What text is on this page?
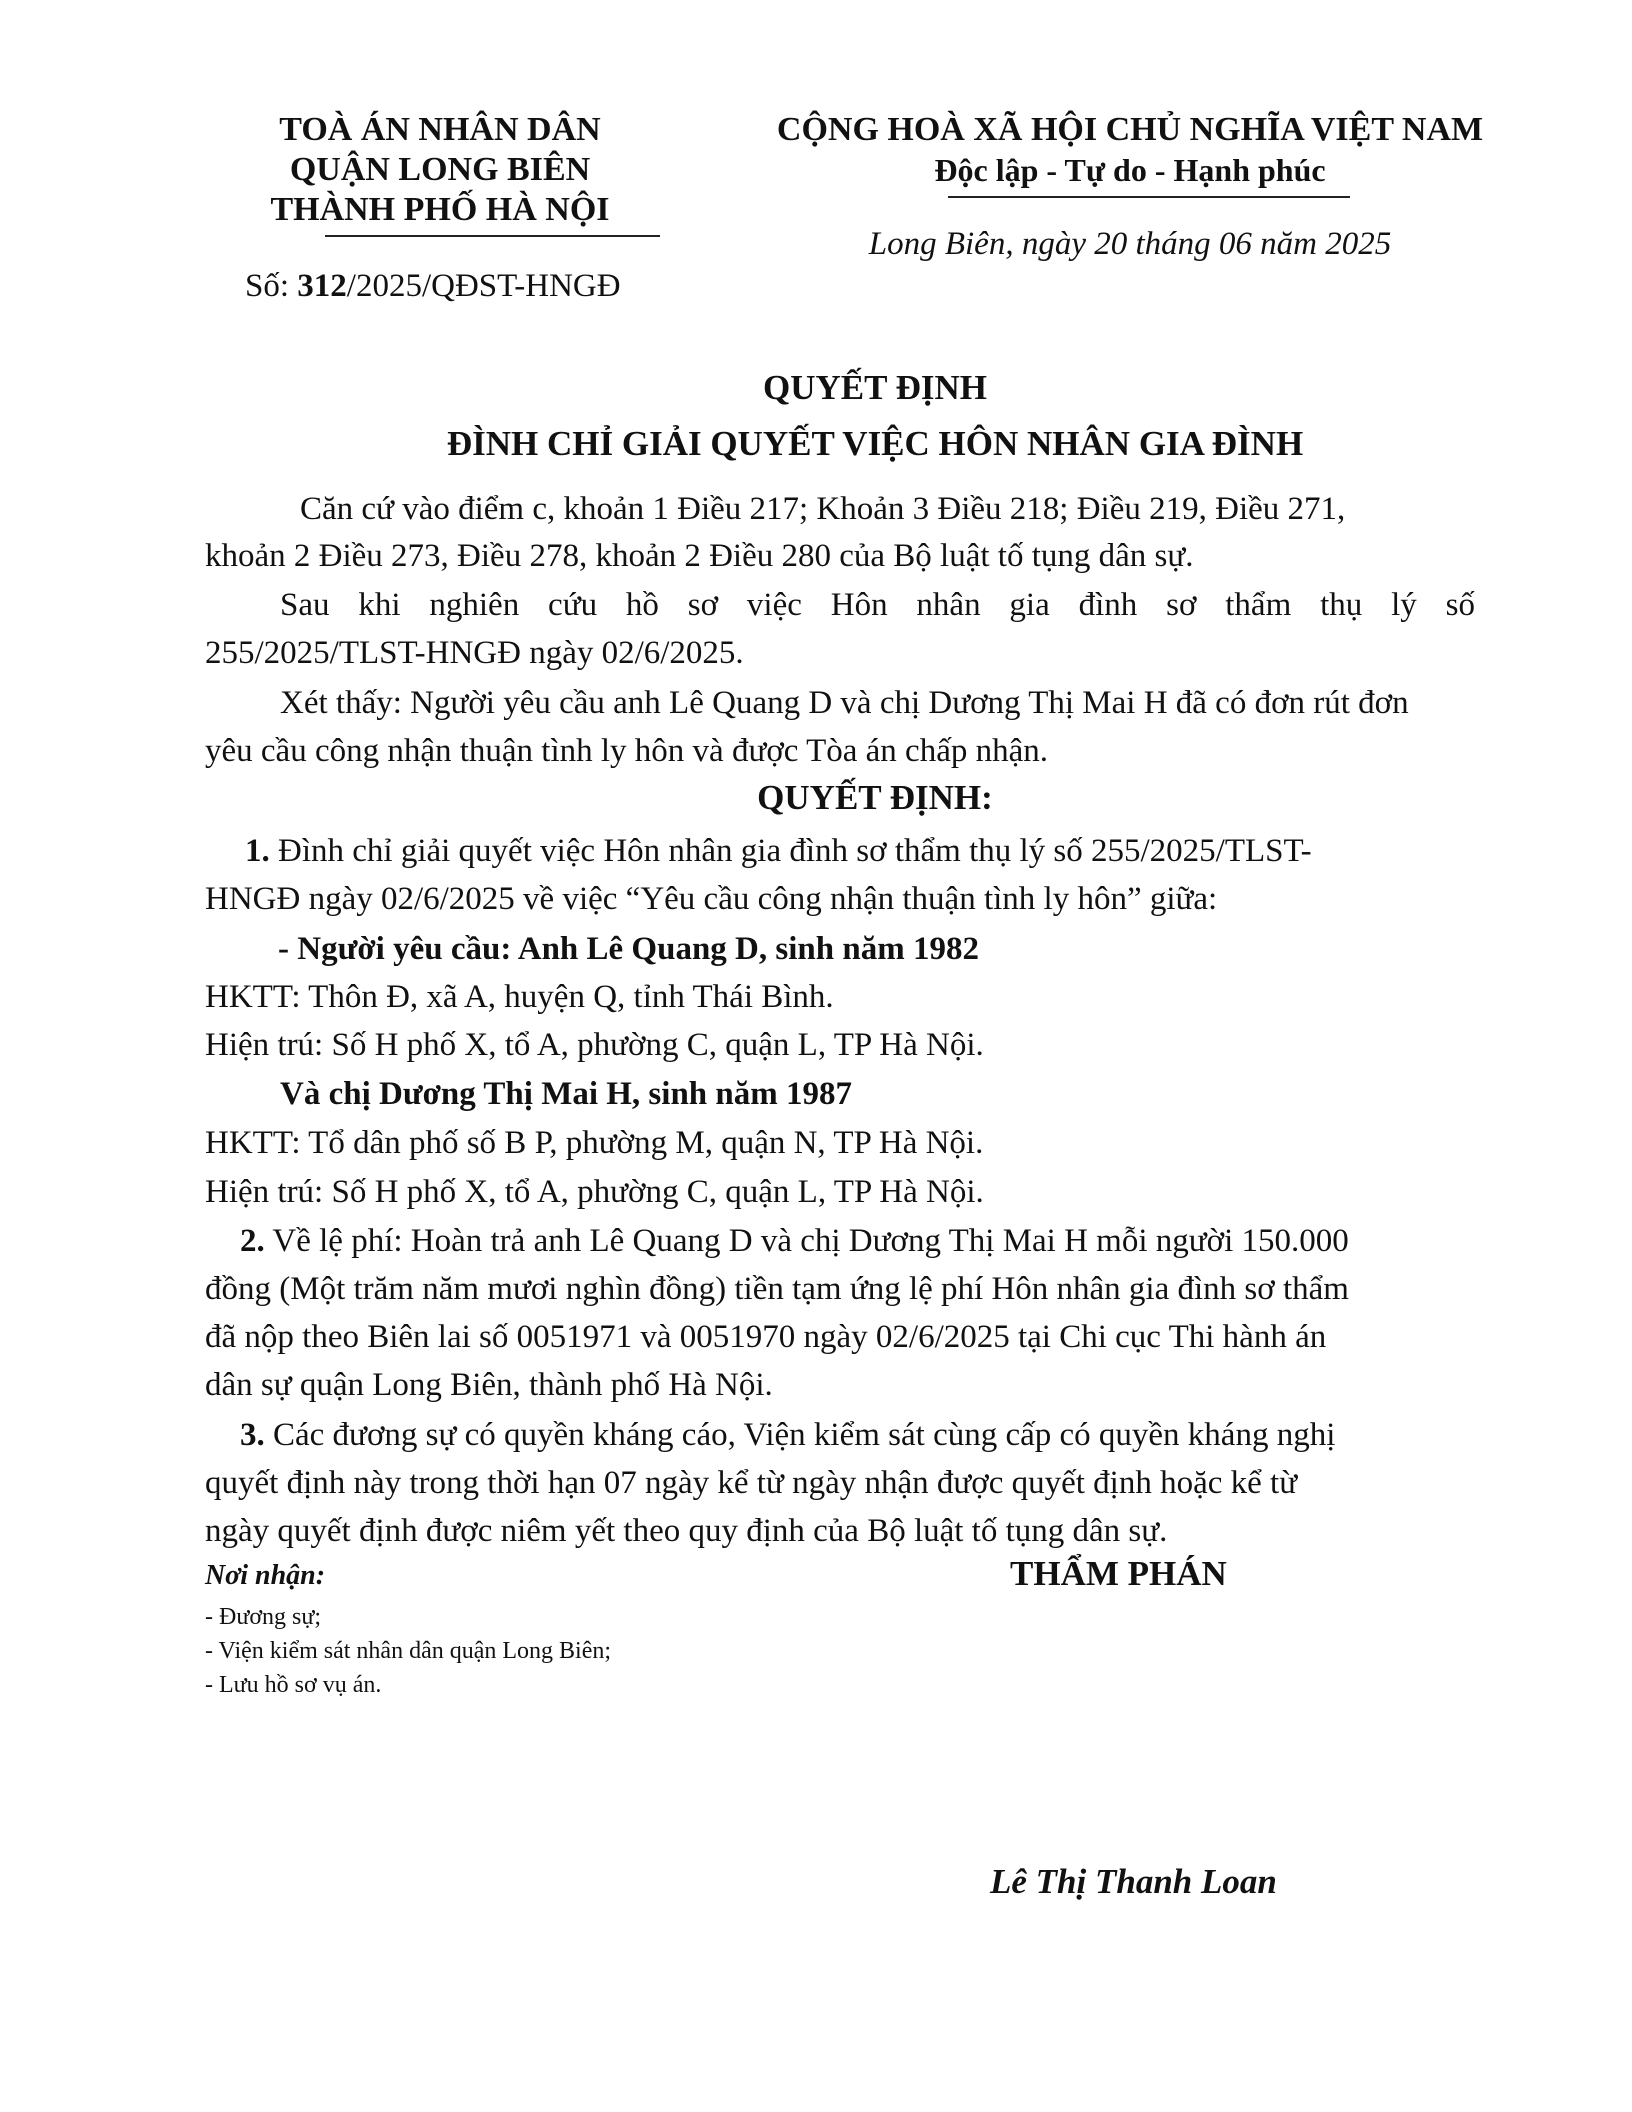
TOÀ ÁN NHÂN DÂN
QUẬN LONG BIÊN
THÀNH PHỐ HÀ NỘI
Số: 312/2025/QĐST-HNGĐ
CỘNG HOÀ XÃ HỘI CHỦ NGHĨA VIỆT NAM
Độc lập - Tự do - Hạnh phúc
Long Biên, ngày 20 tháng 06 năm 2025
QUYẾT ĐỊNH
ĐÌNH CHỈ GIẢI QUYẾT VIỆC HÔN NHÂN GIA ĐÌNH
Căn cứ vào điểm c, khoản 1 Điều 217; Khoản 3 Điều 218; Điều 219, Điều 271,
khoản 2 Điều 273, Điều 278, khoản 2 Điều 280 của Bộ luật tố tụng dân sự.
Sau khi nghiên cứu hồ sơ việc Hôn nhân gia đình sơ thẩm thụ lý số
255/2025/TLST-HNGĐ ngày 02/6/2025.
Xét thấy: Người yêu cầu anh Lê Quang D và chị Dương Thị Mai H đã có đơn rút đơn
yêu cầu công nhận thuận tình ly hôn và được Tòa án chấp nhận.
QUYẾT ĐỊNH:
1. Đình chỉ giải quyết việc Hôn nhân gia đình sơ thẩm thụ lý số 255/2025/TLST-
HNGĐ ngày 02/6/2025 về việc “Yêu cầu công nhận thuận tình ly hôn” giữa:
- Người yêu cầu: Anh Lê Quang D, sinh năm 1982
HKTT: Thôn Đ, xã A, huyện Q, tỉnh Thái Bình.
Hiện trú: Số H phố X, tổ A, phường C, quận L, TP Hà Nội.
Và chị Dương Thị Mai H, sinh năm 1987
HKTT: Tổ dân phố số B P, phường M, quận N, TP Hà Nội.
Hiện trú: Số H phố X, tổ A, phường C, quận L, TP Hà Nội.
2. Về lệ phí: Hoàn trả anh Lê Quang D và chị Dương Thị Mai H mỗi người 150.000
đồng (Một trăm năm mươi nghìn đồng) tiền tạm ứng lệ phí Hôn nhân gia đình sơ thẩm
đã nộp theo Biên lai số 0051971 và 0051970 ngày 02/6/2025 tại Chi cục Thi hành án
dân sự quận Long Biên, thành phố Hà Nội.
3. Các đương sự có quyền kháng cáo, Viện kiểm sát cùng cấp có quyền kháng nghị
quyết định này trong thời hạn 07 ngày kể từ ngày nhận được quyết định hoặc kể từ
ngày quyết định được niêm yết theo quy định của Bộ luật tố tụng dân sự.
Nơi nhận:
- Đương sự;
- Viện kiểm sát nhân dân quận Long Biên;
- Lưu hồ sơ vụ án.
THẨM PHÁN
Lê Thị Thanh Loan
